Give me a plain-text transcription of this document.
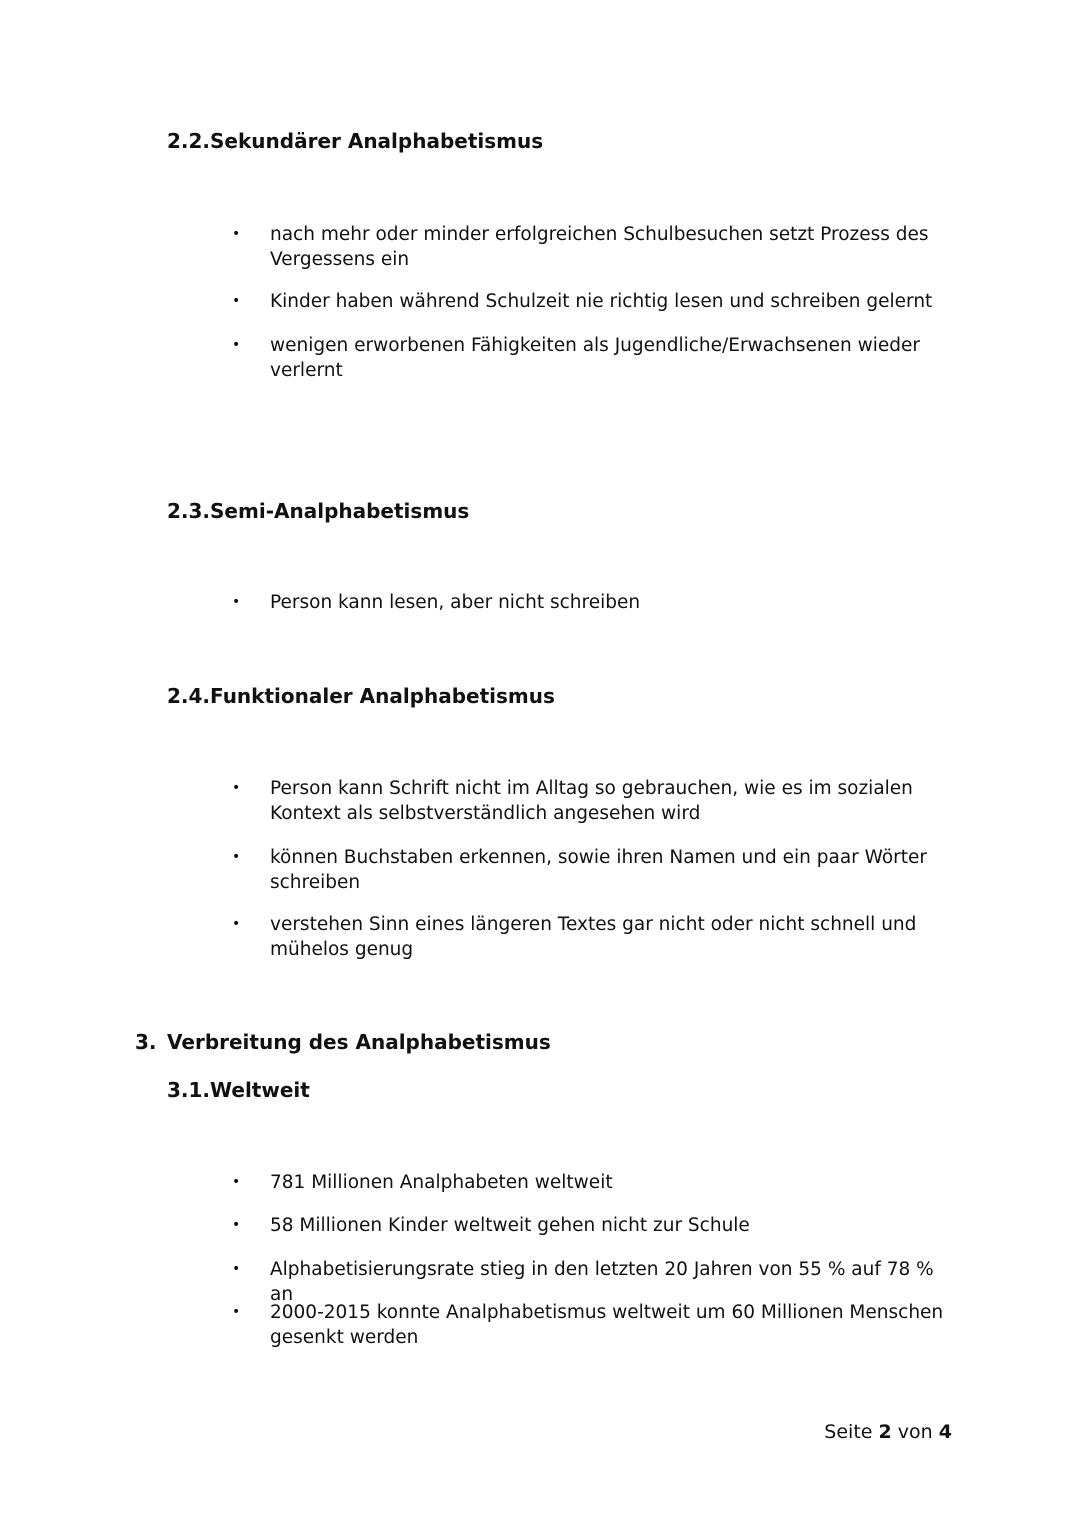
2.2.Sekundärer Analphabetismus
•	nach mehr oder minder erfolgreichen Schulbesuchen setzt Prozess des Vergessens ein
•	Kinder haben während Schulzeit nie richtig lesen und schreiben gelernt
•	wenigen erworbenen Fähigkeiten als Jugendliche/Erwachsenen wieder verlernt
2.3.Semi-Analphabetismus
•	Person kann lesen, aber nicht schreiben
2.4.Funktionaler Analphabetismus
•	Person kann Schrift nicht im Alltag so gebrauchen, wie es im sozialen Kontext als selbstverständlich angesehen wird
•	können Buchstaben erkennen, sowie ihren Namen und ein paar Wörter schreiben
•	verstehen Sinn eines längeren Textes gar nicht oder nicht schnell und mühelos genug
3. Verbreitung des Analphabetismus
3.1.Weltweit
•	781 Millionen Analphabeten weltweit
•	58 Millionen Kinder weltweit gehen nicht zur Schule
•	Alphabetisierungsrate stieg in den letzten 20 Jahren von 55 % auf 78 % an
•	2000-2015 konnte Analphabetismus weltweit um 60 Millionen Menschen gesenkt werden
Seite 2 von 4
